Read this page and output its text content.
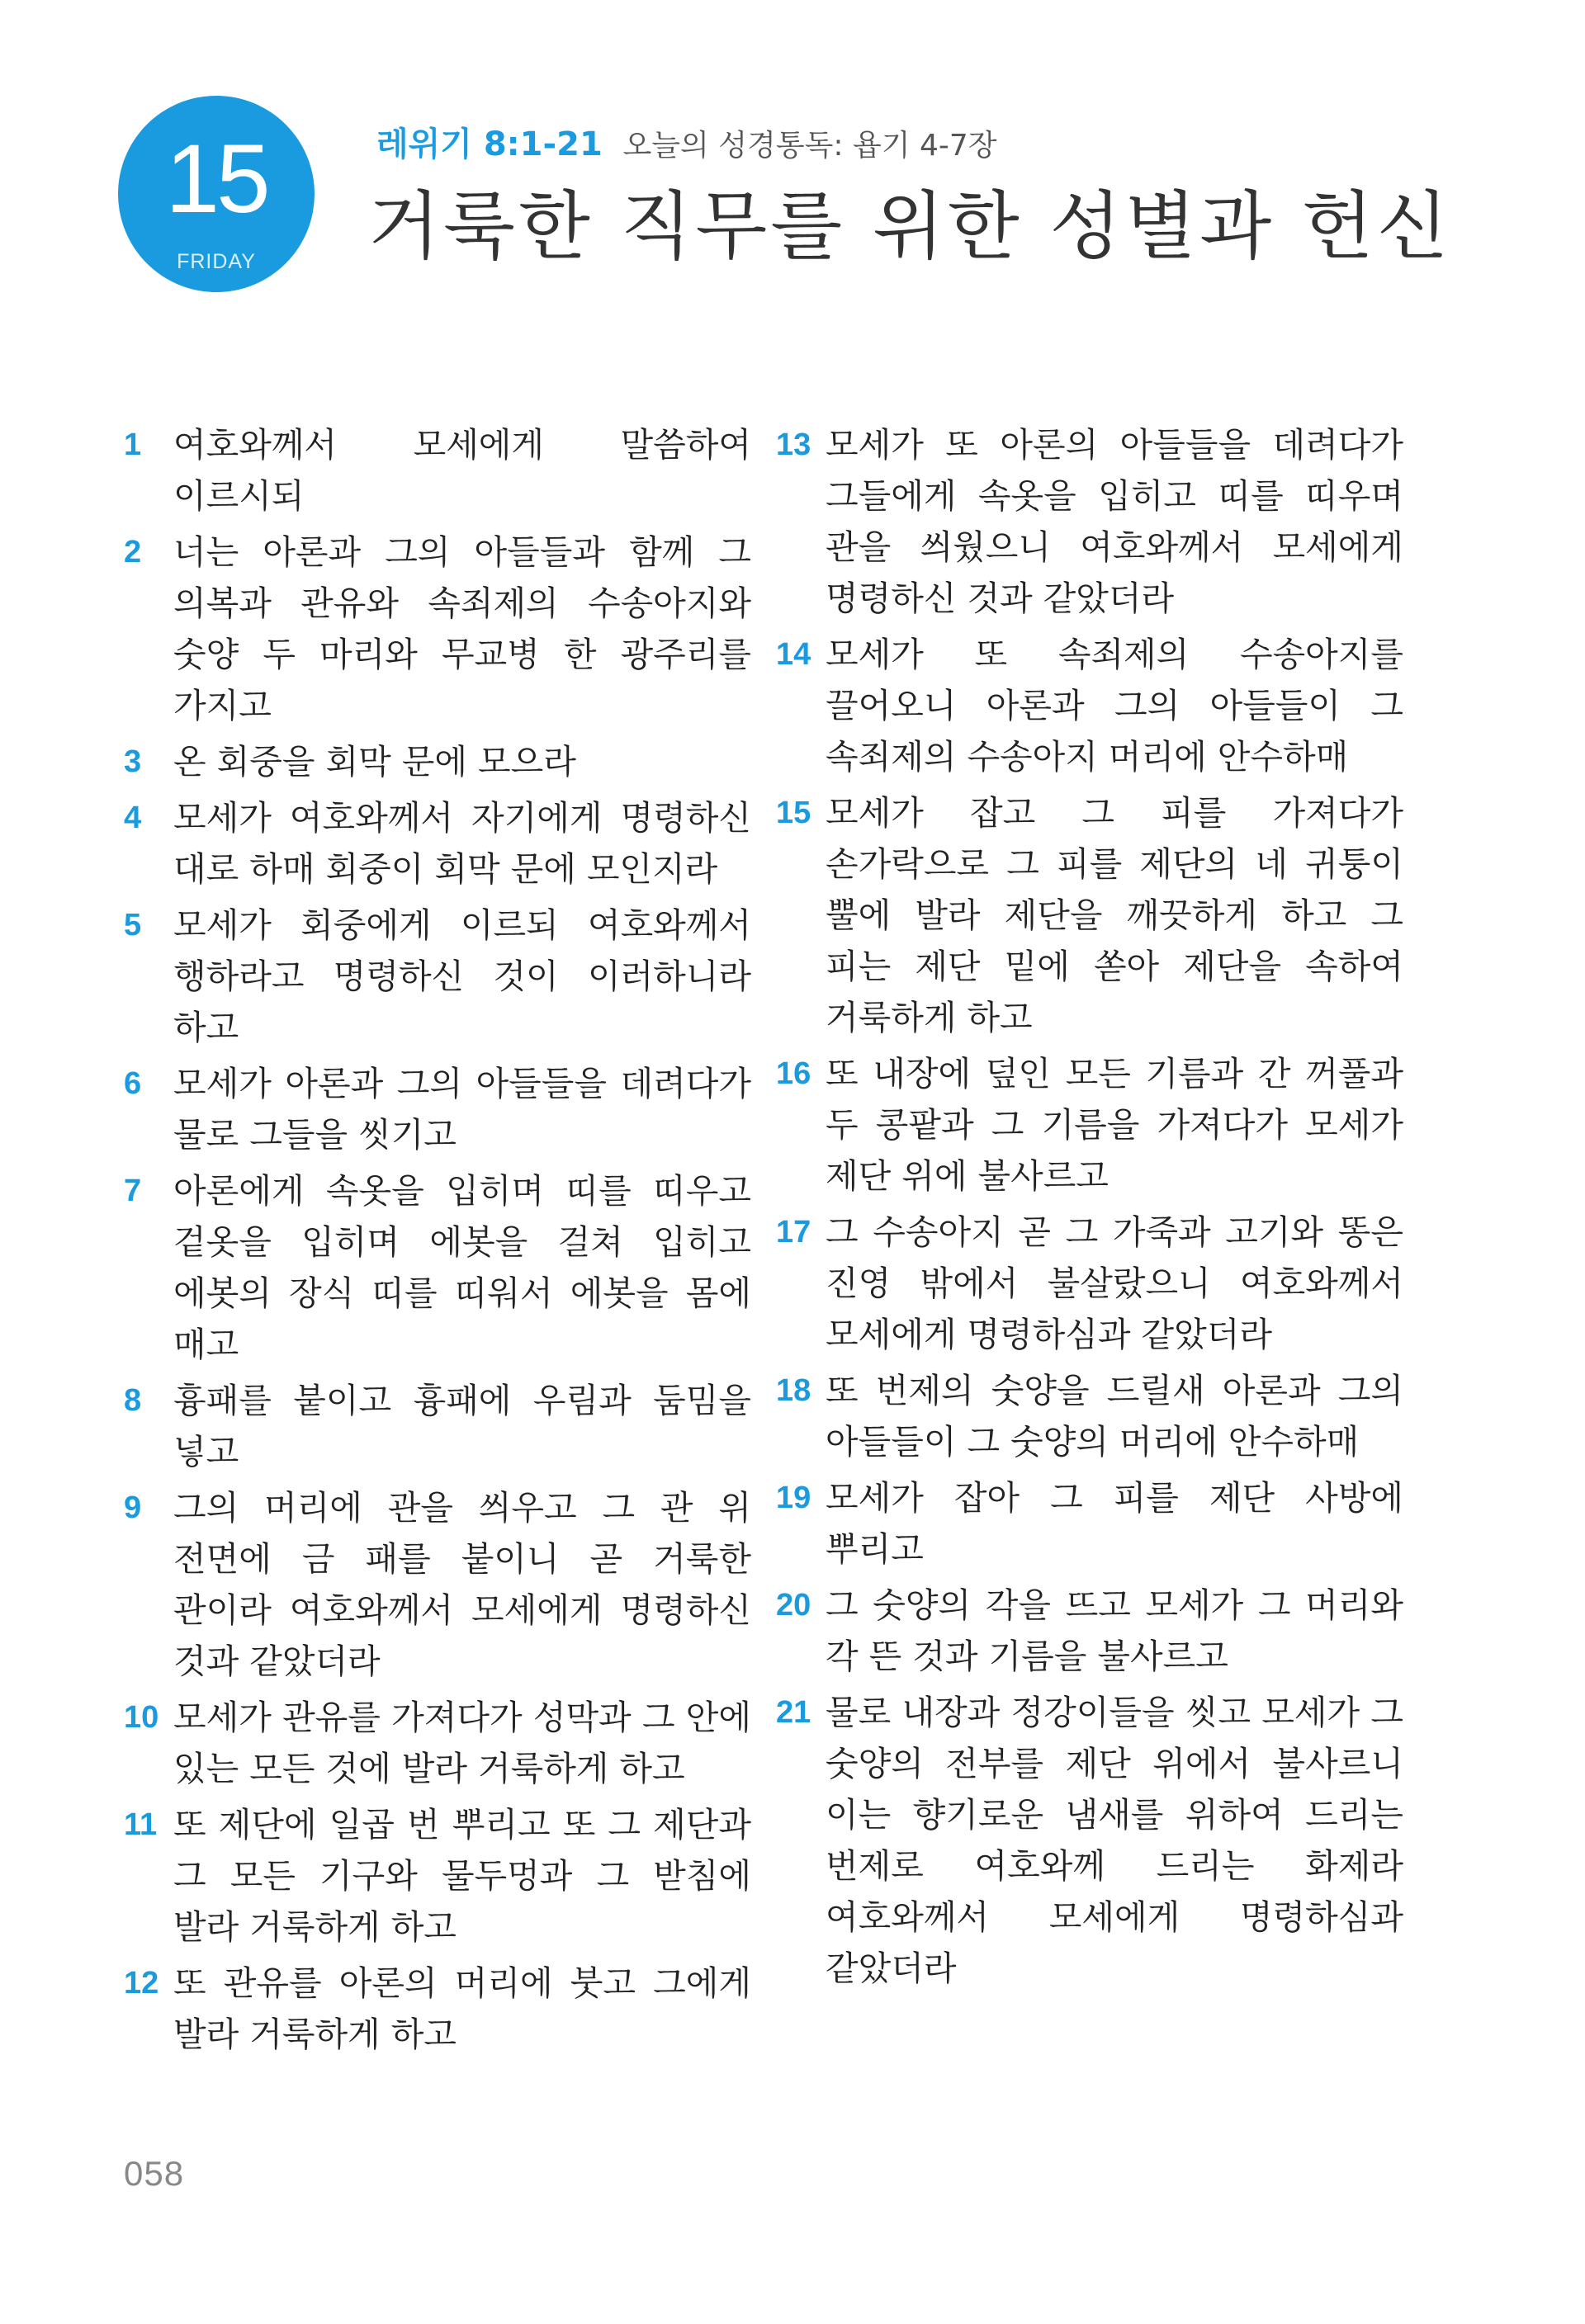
15
FRIDAY
레위기 8:1-21 오늘의 성경통독: 욥기 4-7장
거룩한 직무를 위한 성별과 헌신
1 여호와께서 모세에게 말씀하여 이르시되
2 너는 아론과 그의 아들들과 함께 그 의복과 관유와 속죄제의 수송아지와 숫양 두 마리와 무교병 한 광주리를 가지고
3 온 회중을 회막 문에 모으라
4 모세가 여호와께서 자기에게 명령하신 대로 하매 회중이 회막 문에 모인지라
5 모세가 회중에게 이르되 여호와께서 행하라고 명령하신 것이 이러하니라 하고
6 모세가 아론과 그의 아들들을 데려다가 물로 그들을 씻기고
7 아론에게 속옷을 입히며 띠를 띠우고 겉옷을 입히며 에봇을 걸쳐 입히고 에봇의 장식 띠를 띠워서 에봇을 몸에 매고
8 흉패를 붙이고 흉패에 우림과 둠밈을 넣고
9 그의 머리에 관을 씌우고 그 관 위 전면에 금 패를 붙이니 곧 거룩한 관이라 여호와께서 모세에게 명령하신 것과 같았더라
10 모세가 관유를 가져다가 성막과 그 안에 있는 모든 것에 발라 거룩하게 하고
11 또 제단에 일곱 번 뿌리고 또 그 제단과 그 모든 기구와 물두멍과 그 받침에 발라 거룩하게 하고
12 또 관유를 아론의 머리에 붓고 그에게 발라 거룩하게 하고
13 모세가 또 아론의 아들들을 데려다가 그들에게 속옷을 입히고 띠를 띠우며 관을 씌웠으니 여호와께서 모세에게 명령하신 것과 같았더라
14 모세가 또 속죄제의 수송아지를 끌어오니 아론과 그의 아들들이 그 속죄제의 수송아지 머리에 안수하매
15 모세가 잡고 그 피를 가져다가 손가락으로 그 피를 제단의 네 귀퉁이 뿔에 발라 제단을 깨끗하게 하고 그 피는 제단 밑에 쏟아 제단을 속하여 거룩하게 하고
16 또 내장에 덮인 모든 기름과 간 꺼풀과 두 콩팥과 그 기름을 가져다가 모세가 제단 위에 불사르고
17 그 수송아지 곧 그 가죽과 고기와 똥은 진영 밖에서 불살랐으니 여호와께서 모세에게 명령하심과 같았더라
18 또 번제의 숫양을 드릴새 아론과 그의 아들들이 그 숫양의 머리에 안수하매
19 모세가 잡아 그 피를 제단 사방에 뿌리고
20 그 숫양의 각을 뜨고 모세가 그 머리와 각 뜬 것과 기름을 불사르고
21 물로 내장과 정강이들을 씻고 모세가 그 숫양의 전부를 제단 위에서 불사르니 이는 향기로운 냄새를 위하여 드리는 번제로 여호와께 드리는 화제라 여호와께서 모세에게 명령하심과 같았더라
058
